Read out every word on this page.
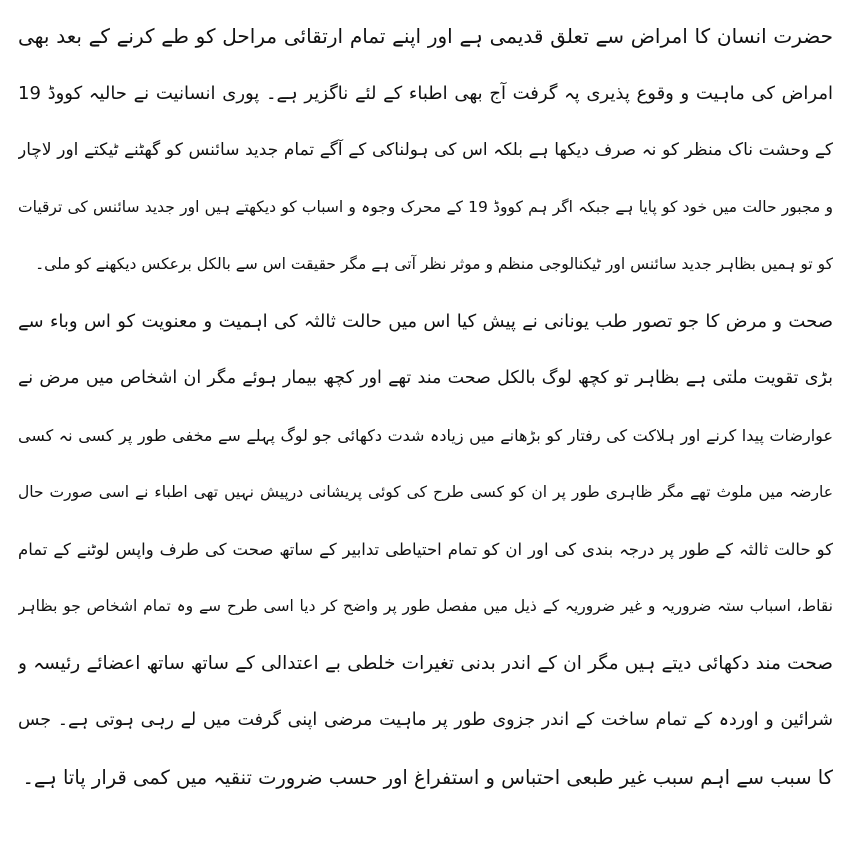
حضرت انسان کا امراض سے تعلق قدیمی ہے اور اپنے تمام ارتقائی مراحل کو طے کرنے کے بعد بھی
امراض کی ماہیت و وقوع پذیری پہ گرفت آج بھی اطباء کے لئے ناگزیر ہے۔ پوری انسانیت نے حالیہ کووڈ 19
کے وحشت ناک منظر کو نہ صرف دیکھا ہے بلکہ اس کی ہولناکی کے آگے تمام جدید سائنس کو گھٹنے ٹیکتے اور لاچار
و مجبور حالت میں خود کو پایا ہے جبکہ اگر ہم کووڈ 19 کے محرک وجوہ و اسباب کو دیکھتے ہیں اور جدید سائنس کی ترقیات
کو تو ہمیں بظاہر جدید سائنس اور ٹیکنالوجی منظم و موثر نظر آتی ہے مگر حقیقت اس سے بالکل برعکس دیکھنے کو ملی۔
صحت و مرض کا جو تصور طب یونانی نے پیش کیا اس میں حالت ثالثہ کی اہمیت و معنویت کو اس وباء سے
بڑی تقویت ملتی ہے بظاہر تو کچھ لوگ بالکل صحت مند تھے اور کچھ بیمار ہوئے مگر ان اشخاص میں مرض نے
عوارضات پیدا کرنے اور ہلاکت کی رفتار کو بڑھانے میں زیادہ شدت دکھائی جو لوگ پہلے سے مخفی طور پر کسی نہ کسی
عارضہ میں ملوث تھے مگر ظاہری طور پر ان کو کسی طرح کی کوئی پریشانی درپیش نہیں تھی اطباء نے اسی صورت حال
کو حالت ثالثہ کے طور پر درجہ بندی کی اور ان کو تمام احتیاطی تدابیر کے ساتھ صحت کی طرف واپس لوٹنے کے تمام
نقاط، اسباب ستہ ضروریہ و غیر ضروریہ کے ذیل میں مفصل طور پر واضح کر دیا اسی طرح سے وہ تمام اشخاص جو بظاہر
صحت مند دکھائی دیتے ہیں مگر ان کے اندر بدنی تغیرات خلطی بے اعتدالی کے ساتھ ساتھ اعضائے رئیسہ و
شرائین و اوردہ کے تمام ساخت کے اندر جزوی طور پر ماہیت مرضی اپنی گرفت میں لے رہی ہوتی ہے۔ جس
کا سبب سے اہم سبب غیر طبعی احتباس و استفراغ اور حسب ضرورت تنقیہ میں کمی قرار پاتا ہے۔
